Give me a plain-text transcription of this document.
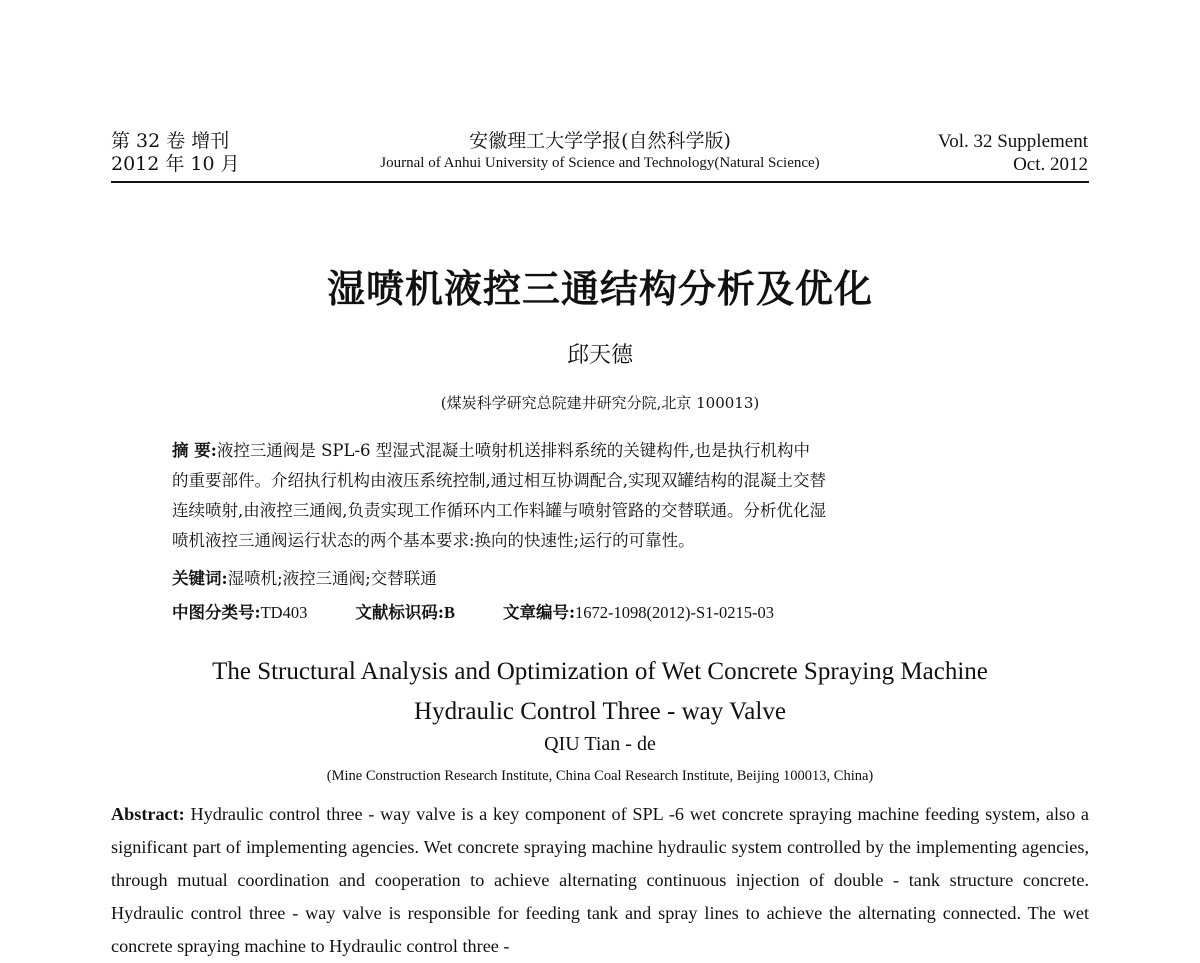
第 32 卷 增刊
2012 年 10 月
安徽理工大学学报(自然科学版)
Journal of Anhui University of Science and Technology(Natural Science)
Vol. 32 Supplement
Oct. 2012
湿喷机液控三通结构分析及优化
邱天德
(煤炭科学研究总院建井研究分院,北京 100013)

摘 要:液控三通阀是 SPL-6 型湿式混凝土喷射机送排料系统的关键构件,也是执行机构中

的重要部件。介绍执行机构由液压系统控制,通过相互协调配合,实现双罐结构的混凝土交替

连续喷射,由液控三通阀,负责实现工作循环内工作料罐与喷射管路的交替联通。分析优化湿

喷机液控三通阀运行状态的两个基本要求:换向的快速性;运行的可靠性。

关键词:湿喷机;液控三通阀;交替联通
中图分类号:TD403	文献标识码:B	文章编号:1672-1098(2012)-S1-0215-03
The Structural Analysis and Optimization of Wet Concrete Spraying Machine
Hydraulic Control Three - way Valve
QIU Tian - de
(Mine Construction Research Institute, China Coal Research Institute, Beijing 100013, China)
Abstract: Hydraulic control three - way valve is a key component of SPL -6 wet concrete spraying machine feeding system, also a significant part of implementing agencies. Wet concrete spraying machine hydraulic system controlled by the implementing agencies, through mutual coordination and cooperation to achieve alternating continuous injection of double - tank structure concrete. Hydraulic control three - way valve is responsible for feeding tank and spray lines to achieve the alternating connected. The wet concrete spraying machine to Hydraulic control three -
